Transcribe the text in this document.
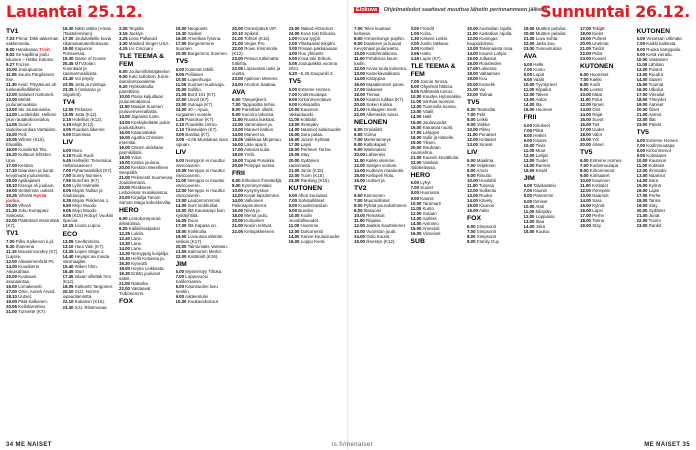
Lauantai 25.12.
TV1
7.03 Prima: Dikk takkeman sakkenoelai.
8.00 Hanskanan Trivit.
8.02 Se kapillina joulu lukosen – Hätka Katona.
9.27 Frozen
10.00 Joulupuuroa
11.05 Suuria Pargilarsen Itse.
11.30 Avuti: Pöytäsuos oli tunkeavillallillehin.
12.00 Salaiset nostoneit.
13.00 Mehtä joulunamuaksia.
13.00 Ski Joulutoiveita.
14.00 Luottelokki: Hellemi plus rautakokoontaloa.
14.05 Suomi tauteisuoonkaa Vartaiden.
15.00 Peili
15.05 Wilmer (K15), Elisalilla.
16.00 Kuusikrää Tila.
16.20 Kulttuuri lehtsten Unie.
17.00 Kesäsa
17.10 Daanisen ja tiunat kevytmaat joulunvietto.
18.00 Apiiliajaiset
18.10 Kissoja oli jouluun.
19.00 Seitsemän uutiset.
19.25 Vihreät Hyvää joulua.
20.00 Vihreä
21.30 Joku Kumppani Siskossa.
22.00 Päätökset etsinnöstä (K7).
TV1
7.00 Pilku Kaikenon k.jd.
8.30 Ihaneena
11.15 Muuminvuodey (K7). (Lajsse.
12.00 Aikaaemenhdd Ps.
14.00 Kuunkierto Aikuisantaa.
15.00 Kuukausi asunaantaa.
16.00 Lomakeoski
17.00 Otso, Anneli Arved.
18.10 Uutset.
19.00 Pätä Kalkonen.
20.05 Kellokvenitieu
21.00 Tunnette (K7).
16.30 Nätin tattita (Aman (Taisteleminen).
17.00 Joulukalleille kuvia kikamasanaterikokuvas.
19.00 Kapurion Prinseessa.
19.30 Game of Gones
20.45 MTV3olan: Kuninkaat ja kaamarmusiikista.
21.40 Voi pöydy
23.05 Jotta ja minttuja.
23.35 Ii (Vanaran ja tolgulent).
TV4
12.55 Pickasso
13.05 Jutta (K12).
2.15 Hotellius (K12).
3.10 Mujit (K12).
4.05 Ruudula liikenne
5.00 Dannissa
LIV
6.00 Moro
6.15 Ruoli Ruoli
6.45 Hellselki: Tervetuloa Hellamaaseen!
7.00 Pyhamaanklikit (K7).
7.50 Sunny Bunnies
7.55 Bunches (K7)
8.00 Lyllo Halmelle
8.05 Mojan Nullan ja Kaukasopa.
8.35 Mojan Pisklenna 1.
8.50 Mojo Muodo
9.05 Mojo Muodo
9.05 (K15) Rotuyl; Vuokisi Special.
10.15 Loosa Lupoo.
ECO
13.05 Ceelbrimisto.
13.10 Huui Vain (K7).
13.25 Lupen Stage 1.
14.40 Heyaps aa muuta Vanmaajäin.
15.40 Wiken hhm.
16.45 Sturi
17.45 Islaan ollleltak hrro (K12).
18.05 Katkoelti Tangomer.
20.10 SIJJ. Norren lepaaolamintta.
22.10 Kukamin (K15).
23.30 SJJ. Rilotmusaa.
2.05 Tequilla
3.15 Jacklyn
3.25 Lena Pallaroid
3.30 Masked Singer USA.
4.15 Lis Cincnani
TLE TEEMA & FEM
6.00 Joulumiihäntäjäselon
9.00 Kalo sullokoin Juicin-dansilontiovalentie.
9.20 Hyöksiäsulla panettistoi.
10.00 Paina kaljuiltaan jouluuntoalanuu.
11.00 Maaijat Suomen jouluvenvenrallasta.
13.00 Japanita tuote.
14.00 Keskiykeltään pukin puolustuksen.
15.00 Katanvalakin
16.00 Agatha Christien esemitai.
16.00 Onnen alokkaan pennikillotiii.
18.00 Ydun.
19.00 Katioa jouluna.
20.00 Keskiön Merellinen Seepsillä.
21.00 Pelimestit Suomessa Jouluilemana.
22.00 Ristikseen Lisboisissa musiikanstoa.
23.00 Kirjailija Tanoin Saman Magu kokoskevilta.
HERO
6.00 Lentokoneporaa arkistoissa.
8.25 Kaikkihvalipuksi
12.25 Lulela.
12.40 Lane.
13.30 Lane.
14.00 Lane.
14.30 Nemyppig kusjailja.
15.30 Hellit Kutnissa ja.
16.30 Kyseotti
18.00 Heyka Leikkasta.
19.30 Erään jouluiset sateit.
21.00 Nattarka
22.00 Vastaavat Tiuboeemmi.
FOX
15.00 Neopoints
15.30 Sadeet
16.00 Amerikan fysnna.
17.00 Burgerinnnne Suomen.
20.00 Burgerinno Suomen.
TV5
6.00 Kummat rahtili.
8.05 Pelilaiset
10.00 Lopenhuoja
11.05 Suomen kuuluvuja.
20.00 Sullitio.
21.05 Bord 101 (K7).
22.00 Unvol (K7).
23.00 Sutouja (K7).
24.00 40 – Apua, kurjpainen vuotele.
1.35 Painokoe (K7).
2.10 Pouidelta Unmo.
2.10 Tikisaviden (K7).
3.00 Bardaa (K7).
3.05 –2.05 Muistakaa sivut iopuan.
LIV
6.00 Nemppon ei muuttui Vancouverin.
10.05 Nemppo ei muuttui Vancouverin.
11.00 Nemppo ei muuttui Vancouverin.
12.00 Nemppo ei muuttui Vancouverin.
13.00 Lautonmmmmiin
14.00 Sunr kinkkuiliat.
15.00 Iltä Kauniampi kuin kyötäyhtiitä.
16.05 Duoo
17.00 Iltä Kapasa on.
18.00 Kinkkuilia
19.00 Luvuutoia elämän keskus (K17).
20.00 Talmuniatis Vantaan.
21.05 Salmonen Merkit.
22.00 Kiistämilt (K16).
JIM
6.00 Mysteristyy Tiltoka.
7.00 Loppuvuosi Kaliforniassa.
8.00 Kaunituulen luvu Kestiin.
9.00 Aatteentulvi
10.30 Kuukauskoiruut
20.00 Onneripäivä VIP.
20.10 Spikesl.
21.00 Tohtori (K15).
21.00 Vegas Pro.
22.00 Rowu Kinmmolia (K12).
23.00 Petsun tutkimatta tutkinta.
22.05 Lopuuutaa uutis ja vuotta.
23.00 Ajaksion Menees.
24.00 Arvoton Saakaa.
AVA
6.00 Tämpetjkerit.
7.00 Tappasiitta tiehia.
8.00 Pareittain olleitk.
9.00 Sucorro lakossa.
11.00 Ruusta liukkaat.
12.00 Vammaisen ja.
13.00 Maneet katkon.
14.00 Maneet ta.
15.05 Vallikkaa Mirjamuu.
16.00 Läse apurit.
17.00 Asteriat kulut.
18.00 Yörlii.
19.00 Tupak Pusukka.
20.00 Pomppa sumisi.
FRII
6.00 Erikoinen ihmettelijä.
8.00 Kysmmyrnalais
10.00 Kysymyskoe
12.00 Kovat lapsilemme.
14.00 Valkoinen Paikolapinumerot.
16.00 Niiviä ja.
18.00 Menot joulu.
20.00 Kurkainen
21.00 Noniin tehtvat.
22.05 Keltojakkeenes
23.00 Naked Attraction
24.00 Kova toki Erikoiss.
1.00 Kova tyypit.
2.00 Yläskaavat tekijäni.
3.00 Rmaan pakkaavaan.
4.00 Rou yhteisöt.
5.00 Kova toki Erikois.
6.05 Joulupaikka vuonna 2021.
5.20 –5.45 Kaupunki 3.
TV5
6.00 Extreme Homes.
7.00 Kodinmuutapa
8.00 Kirkonmenotaiva
9.00 Kotisaarilla
10.00 Kaunnon rakkaiduuski.
11.00 Kotitalot
13.00 Ihmepäiv
14.00 Naamiot salaisuudet.
15.00 Sara palaa.
16.00 Jusirin Kylmää.
17.00 Lapsi
18.00 Perheen Tarina.
19.05 Stay
20.00 Sydänien kadonneita.
21.00 Junin (K15).
22.00 Tuom (K15).
23.00 Ranking (K15).
KUTONEN
6.00 Afton kuuluisat.
7.00 Sahatulliläset
8.00 Kuudenneskun
9.00 Bundes
10.00 Kodin muodollisuudet.
11.00 Hoemme
12.00 Dokumentti
14.00 Kanne kuuluisuudet.
16.00 Loppu Kenti.
34 ME NAISET
Elokuva Ohjelmatiedot saattavat muuttua lähetin perinnanmeen jälkeen.
Sunnuntai 26.12.
7.00 Tekni kuukaut kellossa.
8.00 Armienkonge pophin.
9.00 Daanisen ja kuuvat Kevytmaat joulunvietto.
10.00 Kattohmakkona
11.00 Pohdistoa kaum tuolin.
12.00 Arvoa tuula kulsema.
13.00 Kamekavaalkasa
14.00 Katoppaa
16.00 Maaalimmen paras.
17.00 Ilakaiset
18.00 Tienaa
19.00 Kaanin tulikas (K7).
20.00 Sokeri Kukka.
21.00 Hullaajien merit.
22.00 Alkeraskin sinun.
NELONEN
6.00 Onnialiitit
6.55 Voima
7.00 Mielenterveys
8.00 Kaltiokapeli
9.00 Wiekinaissi
10.00 Lähteneis
11.00 Kaikki olemme.
12.00 Salojen voiman.
14.00 Kutkovin maaluotin.
15.00 Kellopeli Rotu.
16.00 Uutiset ja.
TV2
6.00 Kimmonen
7.00 Muumiollaset
8.00 Pyhää puurokolminen.
9.00 Iltasuomi
10.00 Reinäkoit
11.00 Rajaisa
12.00 Jaatkin Kauttelemet.
13.00 Vuoriston juutti.
14.00 Oulu Kuunit.
15.00 Ilmestys (K12).
0.00 Frendit
1.00 Koira.
1.30 Kalossi Leikin.
2.00 Jusilo rakkaus.
3.00 Kellarit
3.55 Hatto
4.45 Lupin (K7).
TLE TEEMA & FEM
7.00 Jonnin Sirosa.
8.00 Ohjelmat hätssa.
9.00 Nähtävää tursoo.
10.00 Kuudes Hytoniakka.
11.00 Vanhaa tuonnen.
12.00 Tuomiolla tuossa.
13.00 Vaalit
14.00 Halit
15.00 Jouluvuodet
16.00 Katoavat nuotit.
17.00 Lahjojen
18.00 Sulle ja Hänelle.
19.00 Ylinen.
20.00 Rauhaan kuunnelma.
21.00 Kauniin kevätkulut.
22.00 Valokan Valokeilassa.
HERO
6.00 Lyhyt
7.00 Suuret
8.00 Huomiota
9.00 Kaunis
10.00 Tarumarti
11.00 Kunto
12.00 Sotaan
13.00 Aarteet
14.00 Aarnimo
15.00 Amestok
16.00 Viimeiset
SUB
10.00 Australian rajolla.
11.00 Australian rajolla.
12.00 Kuningas kaupunkiinsa.
13.00 Talvimaasta maa.
14.00 Kaunis Lahjat.
15.00 Julkaisut
16.00 Roasteiden
17.00 Lukiessa
18.00 Valtaaman
19.00 Kuu
20.00 Kamelle
21.00 Voi
22.00 Tarinat
TV5
6.00 Teamsilta
7.00 Pelit
8.00 Leikki
9.00 Vaikka
10.00 Pikku
11.00 Punaiset
12.00 Keltaiset
13.00 Siniset
LIV
6.00 Maailma
7.00 Veljeksen
8.00 Arvon
9.00 Riisuttu
10.00 Huvilahti
11.00 Tulossa
12.00 Sulkeutu
13.00 Ruoka
14.00 Kävely
15.00 Kaunon
16.00 Aalto
FOX
6.00 Simpsonit
7.00 Simpsonit
8.00 Simpsonit
9.00 Family Guy
19.00 Muitten pelailut.
20.00 Muitten pelailut.
21.00 Luvu kohta.
22.00 Jatko kuu.
23.00 Tunnustuksia
AVA
6.00 Hetki
7.00 Kunto
8.00 Loput
9.00 Vaalit
10.00 Tyyntyneet
11.00 Kilpailut
12.00 Talven
13.00 Aatos
14.00 Ilta
15.00 Huomen
FRII
6.00 Kiitokset
7.00 Pitkä
8.00 Hetket
9.00 Kaunis
10.00 Tiivis
11.00 Muut
12.00 Lahjat
13.00 Tuulet
14.00 Rannat
15.00 Kesät
JIM
6.00 Talvitaistelu
7.00 Kauniit
8.00 Paremmin
9.00 Ihmiset
10.00 Alati
11.00 Eilispäiv
12.00 Loppiaisa
13.00 Iltaa
14.00 Joka
15.00 Kuuluu
17.00 Tekijät
18.00 Kielet
19.00 Puheet
20.00 Unelmat
21.00 Tiedot
22.00 Pidot
23.00 Kuuset
KUTONEN
6.00 Huomiset
7.00 Kaikki
8.00 Kodit
9.00 Loistot
10.00 Maat
11.00 Polut
12.00 Nimet
13.00 Olot
14.00 Rajat
15.00 Suvut
16.00 Tiet
17.00 Uudet
18.00 Valot
19.00 Yöt
20.00 Äänet
TV5
6.00 Extreme Homes.
7.00 Kodinmuutapa
8.00 Kirkonmenot
9.00 Kotisaaret
10.00 Kaunnon
11.00 Kotitalot
12.00 Ihmepäiv
13.00 Naamiot
14.00 Sara
15.00 Kylmä
16.00 Lapsi
17.00 Perhe
18.00 Tarina
19.00 Stay
KUTONEN
6.00 Vinoesan Ultimate.
7.00 Kaikki kaikesta.
8.00 Ruoka kamppailu.
9.00 Kesä vierailu.
10.00 Vastainen
11.00 Lähitalo
12.00 Puistot
13.00 Ruudut
14.00 Saaret
15.00 Tuomat
16.00 Ulkoilut
17.00 Vierailut
18.00 Yhteydet
19.00 Ääniset
20.00 Öiset
21.00 Aamut
22.00 Illat
23.00 Päivät
TV5
6.00 Extreme Homes.
7.00 Kodinmuutapa
8.00 Kirkonmenot
9.00 Kotisaaret
10.00 Kaunnon
11.00 Kotitalot
12.00 Ihmepäiv
13.00 Naamiot
14.00 Sara
15.00 Kylmä
16.00 Lapsi
17.00 Perhe
18.00 Tarina
19.00 Stay
20.00 Sydänet
21.00 Junat
22.00 Tuomi
23.00 Rankit
ME NAISET 35
is.fi/menaiset
